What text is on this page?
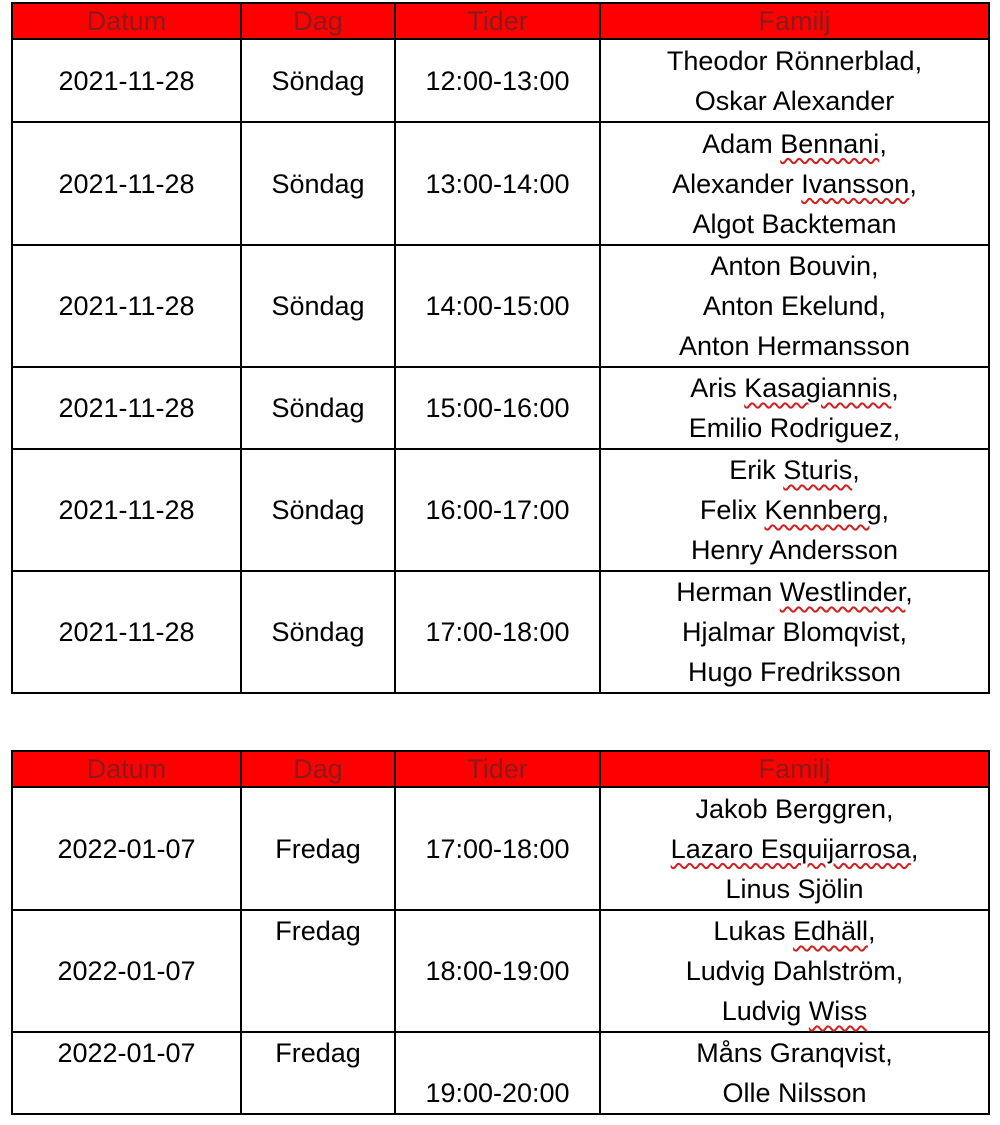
Datum	Dag	Tider	Familj
2021-11-28	Söndag	12:00-13:00	Theodor Rönnerblad,
Oskar Alexander

2021-11-28	Söndag	13:00-14:00	Adam Bennani,
Alexander Ivansson,
Algot Backteman

2021-11-28	Söndag	14:00-15:00	Anton Bouvin,
Anton Ekelund,
Anton Hermansson

2021-11-28	Söndag	15:00-16:00	Aris Kasagiannis,
Emilio Rodriguez,

2021-11-28	Söndag	16:00-17:00	Erik Sturis,
Felix Kennberg,
Henry Andersson

2021-11-28	Söndag	17:00-18:00	Herman Westlinder,
Hjalmar Blomqvist,
Hugo Fredriksson
Datum	Dag	Tider	Familj
2022-01-07	Fredag	17:00-18:00	Jakob Berggren,
Lazaro Esquijarrosa,
Linus Sjölin

2022-01-07	Fredag	18:00-19:00	Lukas Edhäll,
Ludvig Dahlström,
Ludvig Wiss

2022-01-07	Fredag	19:00-20:00	Måns Granqvist,
Olle Nilsson
